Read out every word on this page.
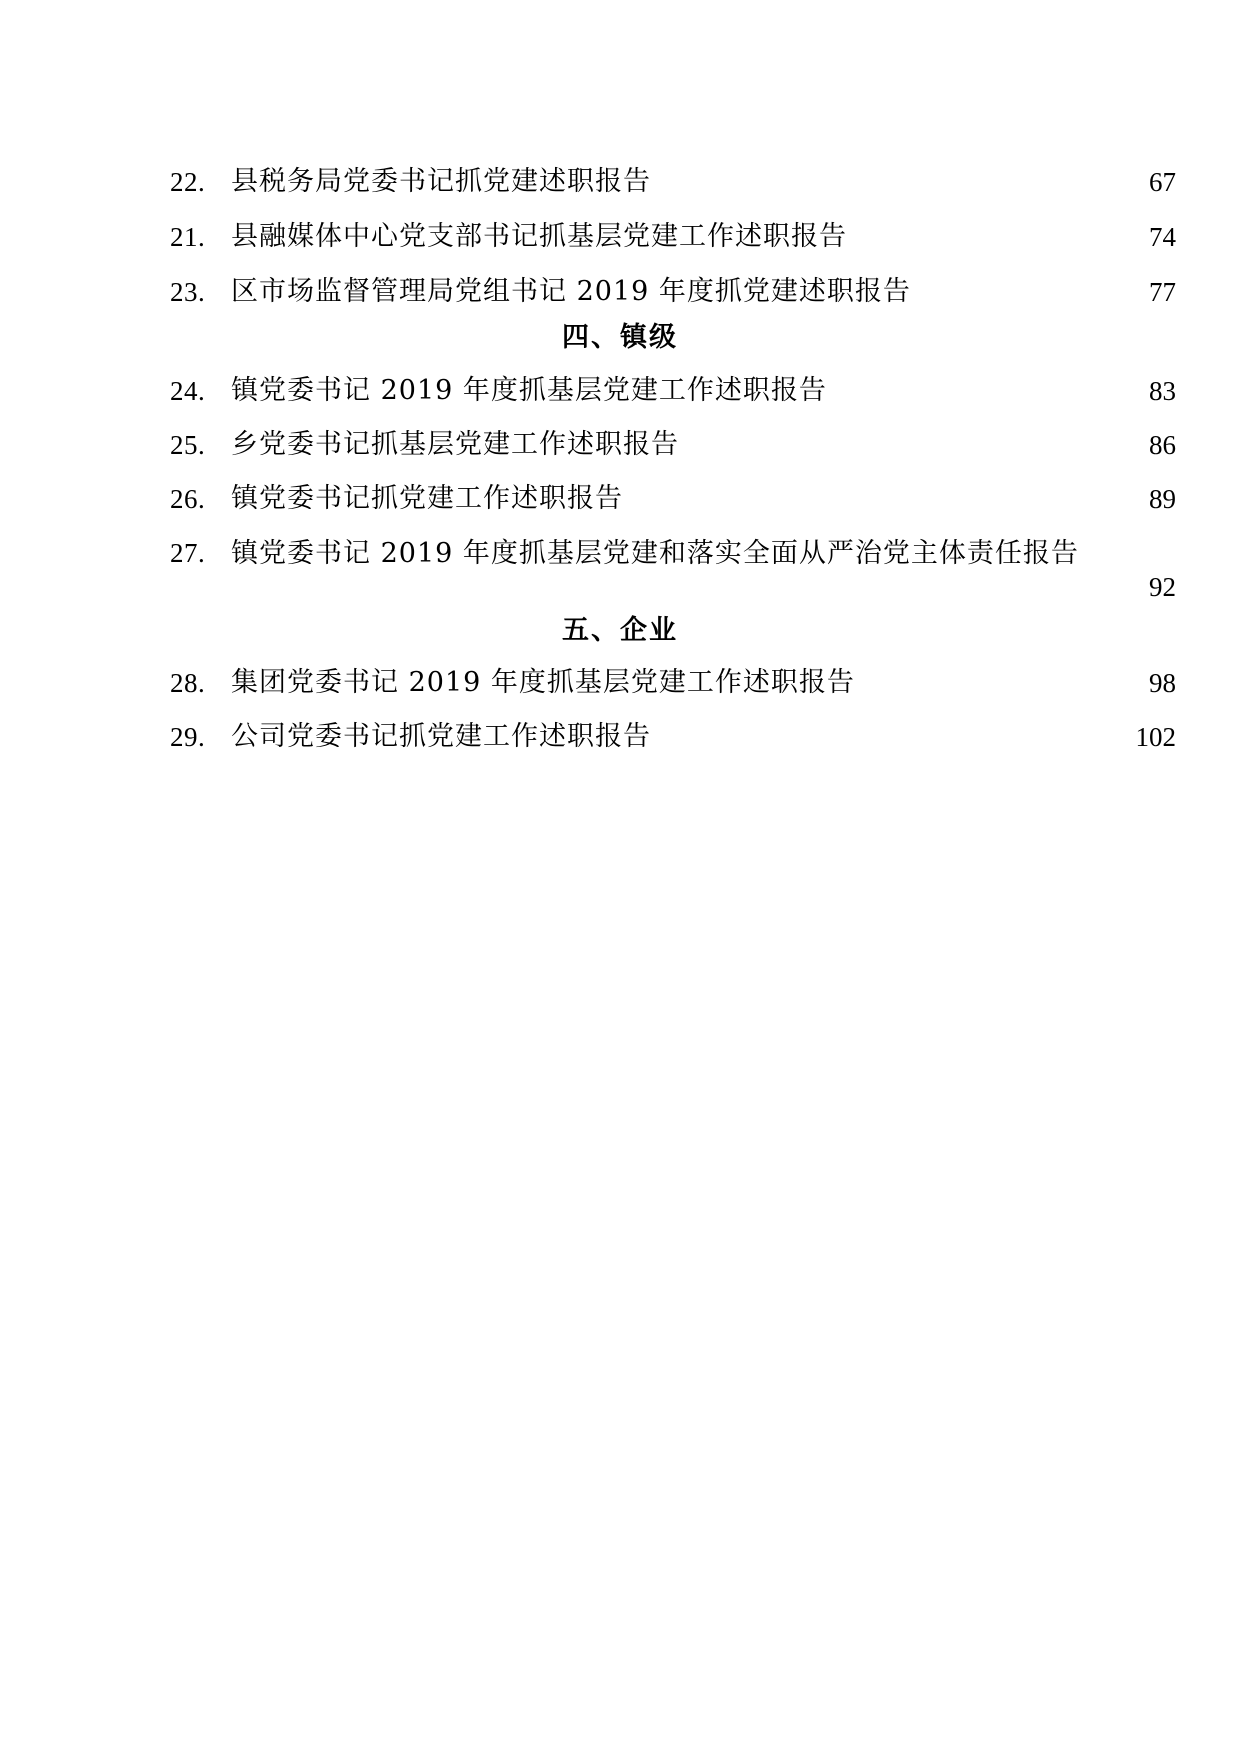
22. 县税务局党委书记抓党建述职报告	67
21. 县融媒体中心党支部书记抓基层党建工作述职报告	74
23. 区市场监督管理局党组书记 2019 年度抓党建述职报告	77
四、镇级
24. 镇党委书记 2019 年度抓基层党建工作述职报告	83
25. 乡党委书记抓基层党建工作述职报告	86
26. 镇党委书记抓党建工作述职报告	89
27. 镇党委书记 2019 年度抓基层党建和落实全面从严治党主体责任报告
92
五、企业
28. 集团党委书记 2019 年度抓基层党建工作述职报告	98
29. 公司党委书记抓党建工作述职报告	102
